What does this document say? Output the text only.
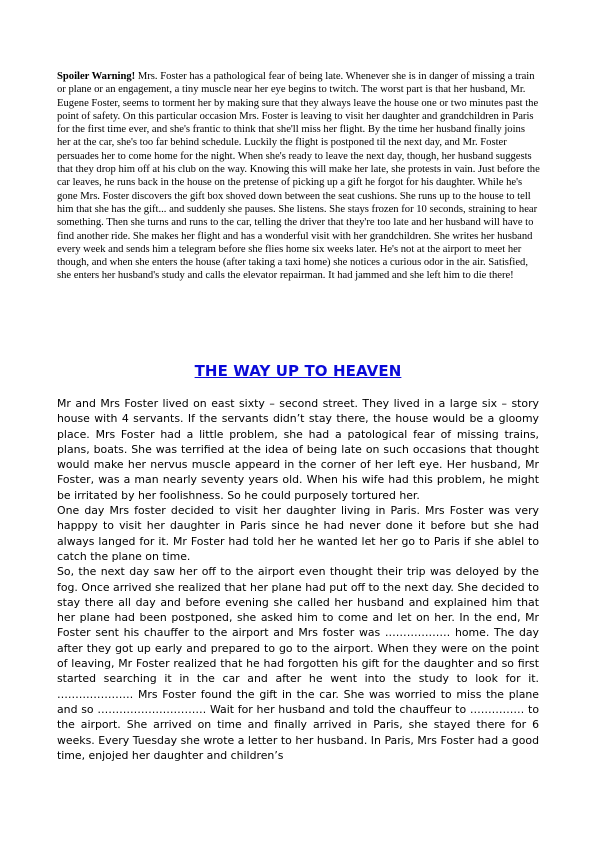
Spoiler Warning! Mrs. Foster has a pathological fear of being late. Whenever she is in danger of missing a train or plane or an engagement, a tiny muscle near her eye begins to twitch. The worst part is that her husband, Mr. Eugene Foster, seems to torment her by making sure that they always leave the house one or two minutes past the point of safety. On this particular occasion Mrs. Foster is leaving to visit her daughter and grandchildren in Paris for the first time ever, and she's frantic to think that she'll miss her flight. By the time her husband finally joins her at the car, she's too far behind schedule. Luckily the flight is postponed til the next day, and Mr. Foster persuades her to come home for the night. When she's ready to leave the next day, though, her husband suggests that they drop him off at his club on the way. Knowing this will make her late, she protests in vain. Just before the car leaves, he runs back in the house on the pretense of picking up a gift he forgot for his daughter. While he's gone Mrs. Foster discovers the gift box shoved down between the seat cushions. She runs up to the house to tell him that she has the gift... and suddenly she pauses. She listens. She stays frozen for 10 seconds, straining to hear something. Then she turns and runs to the car, telling the driver that they're too late and her husband will have to find another ride. She makes her flight and has a wonderful visit with her grandchildren. She writes her husband every week and sends him a telegram before she flies home six weeks later. He's not at the airport to meet her though, and when she enters the house (after taking a taxi home) she notices a curious odor in the air. Satisfied, she enters her husband's study and calls the elevator repairman. It had jammed and she left him to die there!

THE WAY UP TO HEAVEN

Mr and Mrs Foster lived on east sixty – second street. They lived in a large six – story house with 4 servants. If the servants didn’t stay there, the house would be a gloomy place. Mrs Foster had a little problem, she had a patological fear of missing trains, plans, boats. She was terrified at the idea of being late on such occasions that thought would make her nervus muscle appeard in the corner of her left eye. Her husband, Mr Foster, was a man nearly seventy years old. When his wife had this problem, he might be irritated by her foolishness. So he could purposely tortured her.

One day Mrs foster decided to visit her daughter living in Paris. Mrs Foster was very happpy to visit her daughter in Paris since he had never done it before but she had always langed for it. Mr Foster had told her he wanted let her go to Paris if she ablel to catch the plane on time.

So, the next day saw her off to the airport even thought their trip was deloyed by the fog. Once arrived she realized that her plane had put off to the next day. She decided to stay there all day and before evening she called her husband and explained him that her plane had been postponed, she asked him to come and let on her. In the end, Mr Foster sent his chauffer to the airport and Mrs foster was ……………… home. The day after they got up early and prepared to go to the airport. When they were on the point of leaving, Mr Foster realized that he had forgotten his gift for the daughter and so first started searching it in the car and after he went into the study to look for it. ………………… Mrs Foster found the gift in the car. She was worried to miss the plane and so ………………………… Wait for her husband and told the chauffeur to …………… to the airport. She arrived on time and finally arrived in Paris, she stayed there for 6 weeks. Every Tuesday she wrote a letter to her husband. In Paris, Mrs Foster had a good time, enjojed her daughter and children’s
